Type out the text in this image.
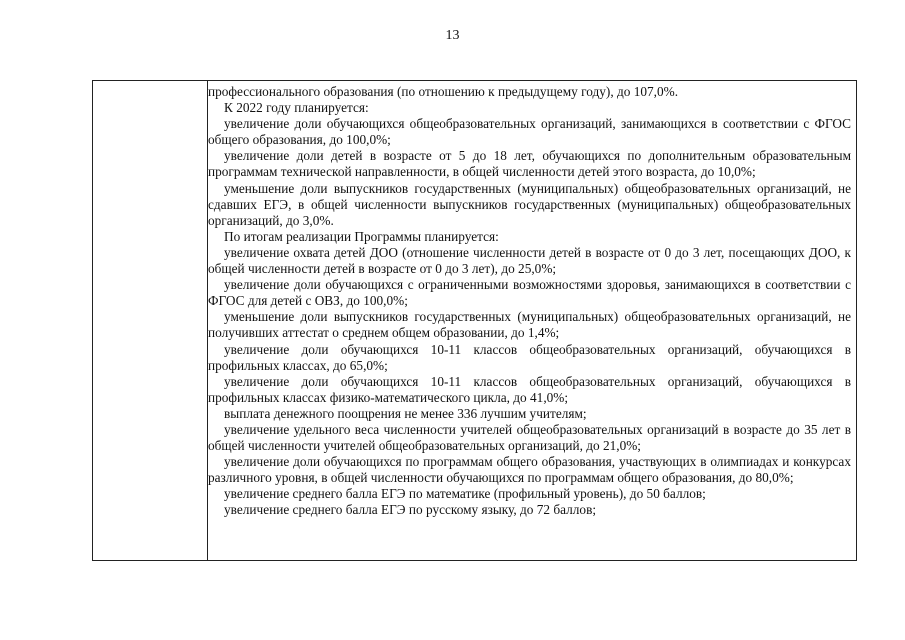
13

профессионального образования (по отношению к предыдущему году), до 107,0%.

К 2022 году планируется:

увеличение доли обучающихся общеобразовательных организаций, занимающихся в соответствии с ФГОС общего образования, до 100,0%;

увеличение доли детей в возрасте от 5 до 18 лет, обучающихся по дополнительным образовательным программам технической направленности, в общей численности детей этого возраста, до 10,0%;

уменьшение доли выпускников государственных (муниципальных) общеобразовательных организаций, не сдавших ЕГЭ, в общей численности выпускников государственных (муниципальных) общеобразовательных организаций, до 3,0%.

По итогам реализации Программы планируется:

увеличение охвата детей ДОО (отношение численности детей в возрасте от 0 до 3 лет, посещающих ДОО, к общей численности детей в возрасте от 0 до 3 лет), до 25,0%;

увеличение доли обучающихся с ограниченными возможностями здоровья, занимающихся в соответствии с ФГОС для детей с ОВЗ, до 100,0%;

уменьшение доли выпускников государственных (муниципальных) общеобразовательных организаций, не получивших аттестат о среднем общем образовании, до 1,4%;

увеличение доли обучающихся 10-11 классов общеобразовательных организаций, обучающихся в профильных классах, до 65,0%;

увеличение доли обучающихся 10-11 классов общеобразовательных организаций, обучающихся в профильных классах физико-математического цикла, до 41,0%;

выплата денежного поощрения не менее 336 лучшим учителям;

увеличение удельного веса численности учителей общеобразовательных организаций в возрасте до 35 лет в общей численности учителей общеобразовательных организаций, до 21,0%;

увеличение доли обучающихся по программам общего образования, участвующих в олимпиадах и конкурсах различного уровня, в общей численности обучающихся по программам общего образования, до 80,0%;

увеличение среднего балла ЕГЭ по математике (профильный уровень), до 50 баллов;

увеличение среднего балла ЕГЭ по русскому языку, до 72 баллов;
